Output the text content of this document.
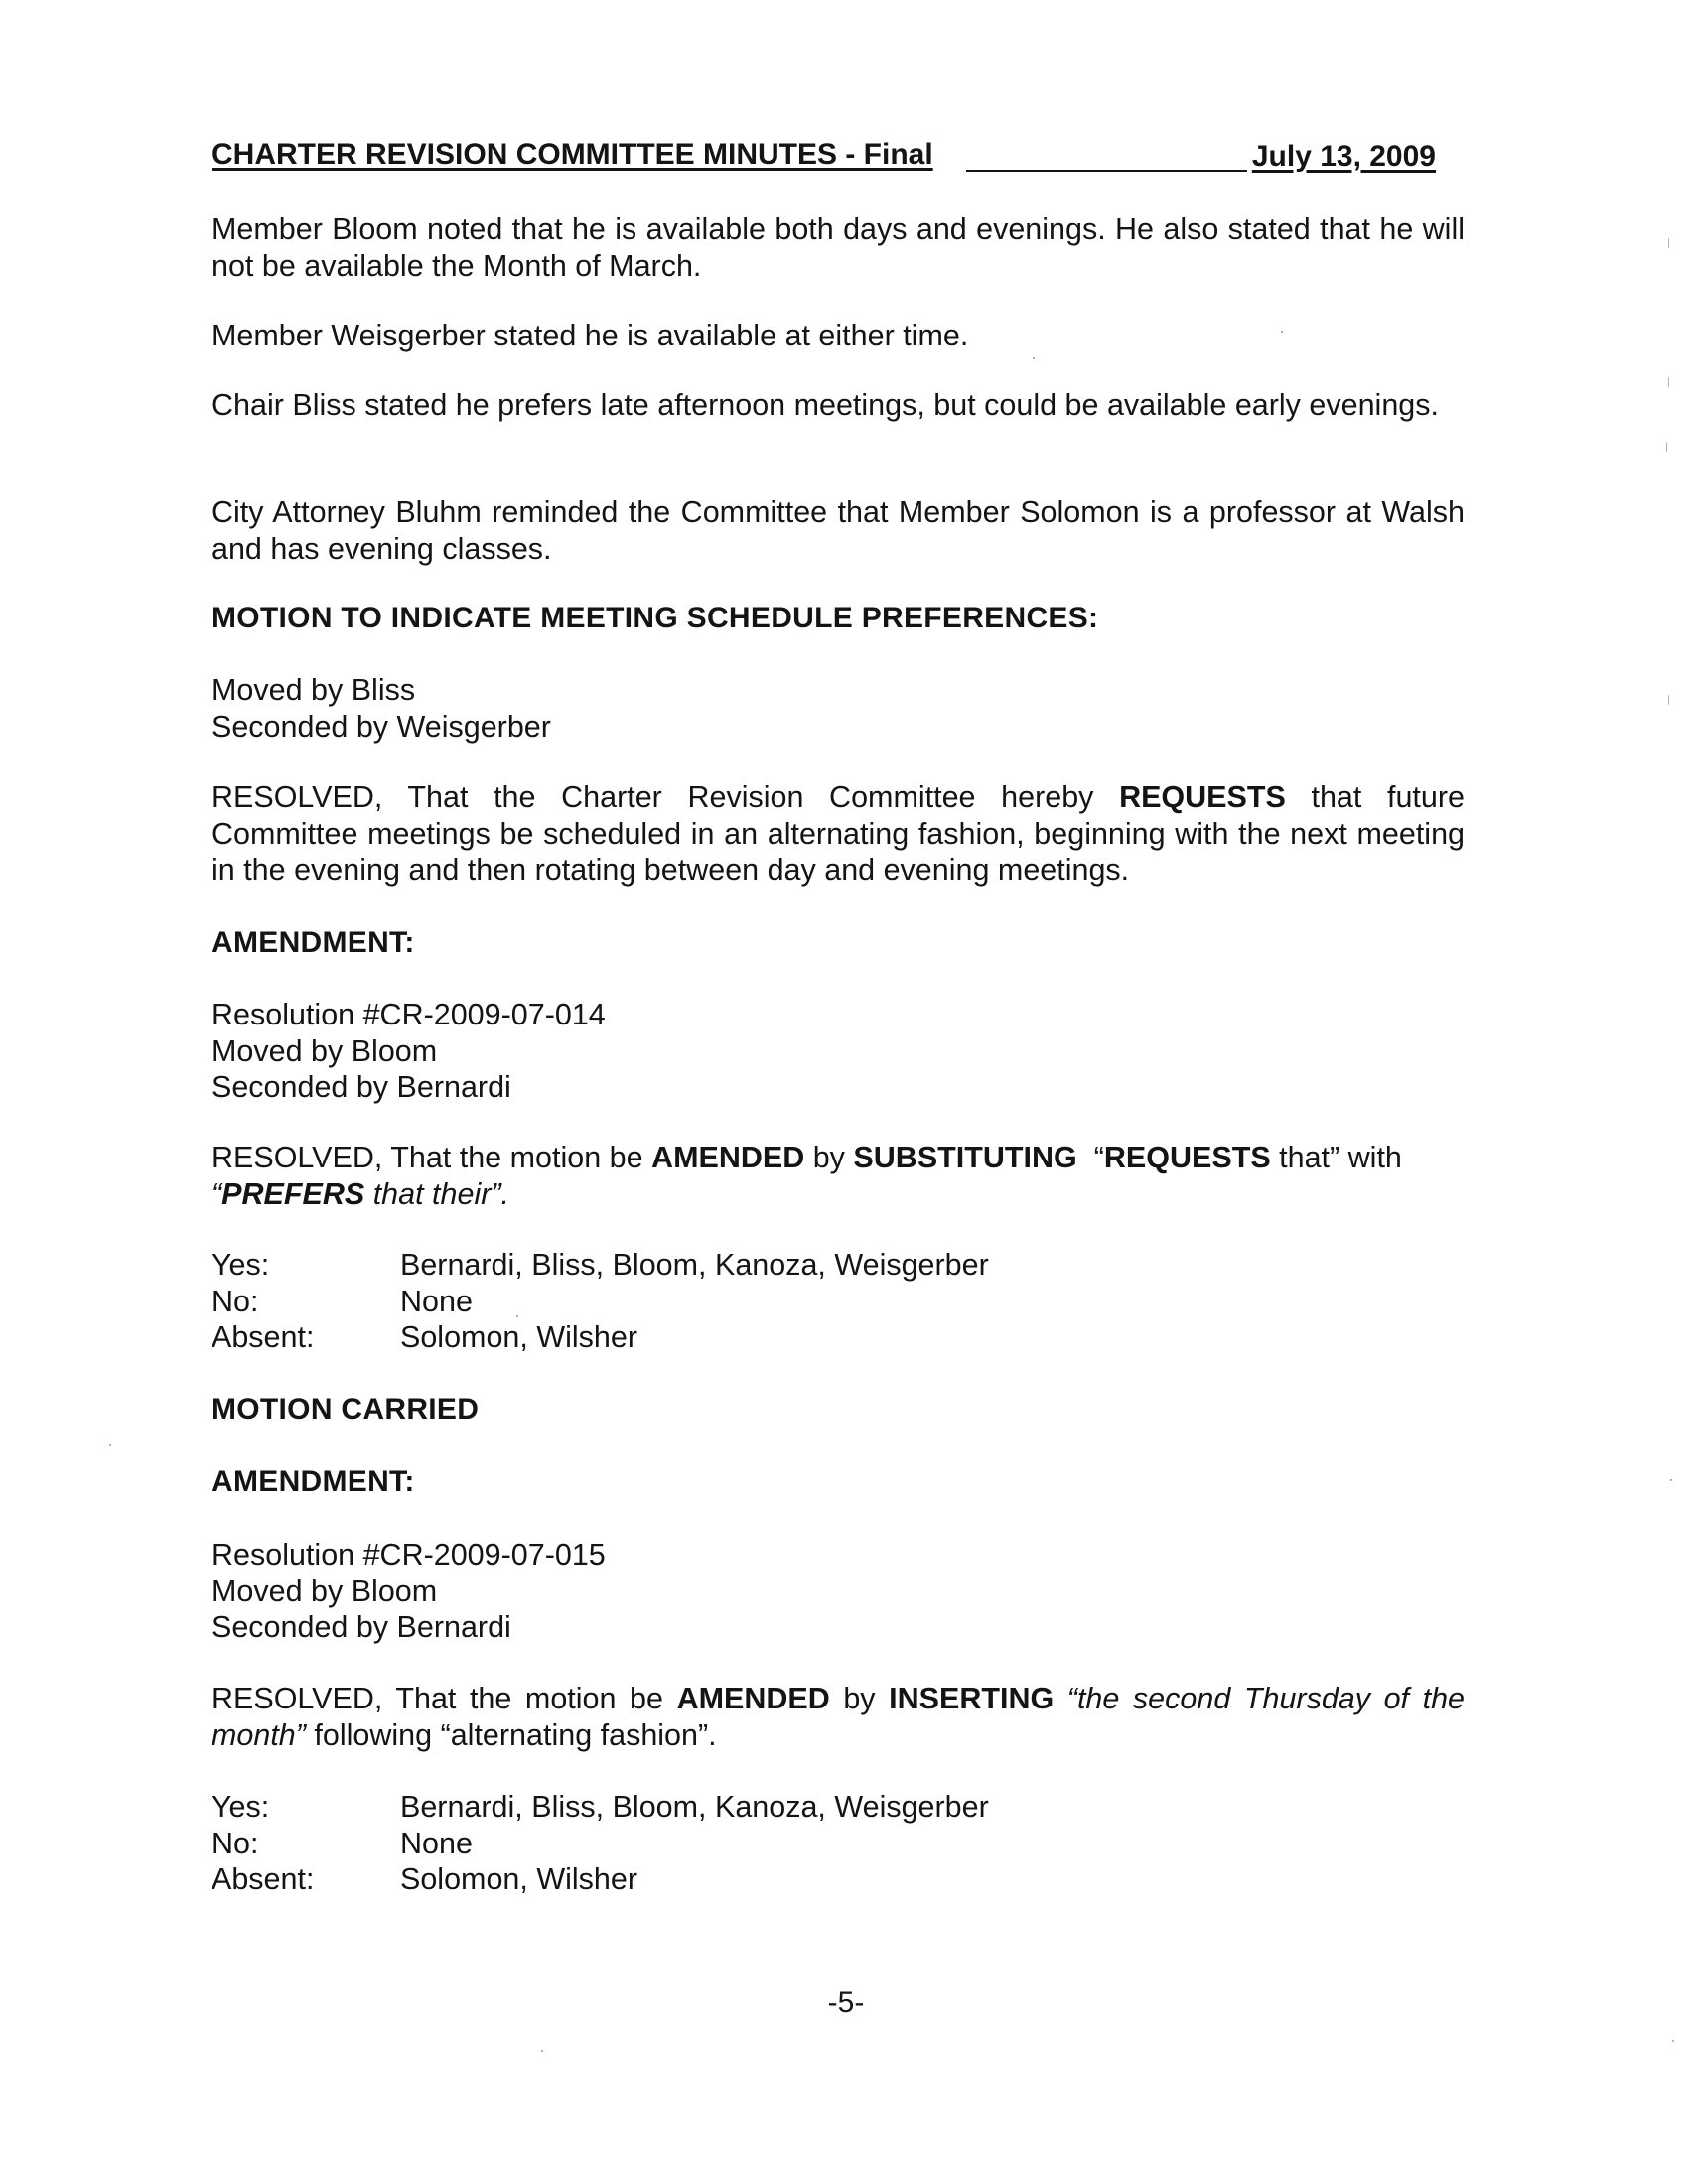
CHARTER REVISION COMMITTEE MINUTES - Final	July 13, 2009

Member Bloom noted that he is available both days and evenings. He also stated that he will not be available the Month of March.

Member Weisgerber stated he is available at either time.

Chair Bliss stated he prefers late afternoon meetings, but could be available early evenings.

City Attorney Bluhm reminded the Committee that Member Solomon is a professor at Walsh and has evening classes.

MOTION TO INDICATE MEETING SCHEDULE PREFERENCES:
Moved by Bliss
Seconded by Weisgerber

RESOLVED, That the Charter Revision Committee hereby REQUESTS that future Committee meetings be scheduled in an alternating fashion, beginning with the next meeting in the evening and then rotating between day and evening meetings.

AMENDMENT:
Resolution #CR-2009-07-014
Moved by Bloom
Seconded by Bernardi

RESOLVED, That the motion be AMENDED by SUBSTITUTING  “REQUESTS that” with
“PREFERS that their”.

Yes:	Bernardi, Bliss, Bloom, Kanoza, Weisgerber
No:	None
Absent:	Solomon, Wilsher
MOTION CARRIED
AMENDMENT:
Resolution #CR-2009-07-015
Moved by Bloom
Seconded by Bernardi

RESOLVED, That the motion be AMENDED by INSERTING “the second Thursday of the month” following “alternating fashion”.

Yes:	Bernardi, Bliss, Bloom, Kanoza, Weisgerber
No:	None
Absent:	Solomon, Wilsher
-5-
